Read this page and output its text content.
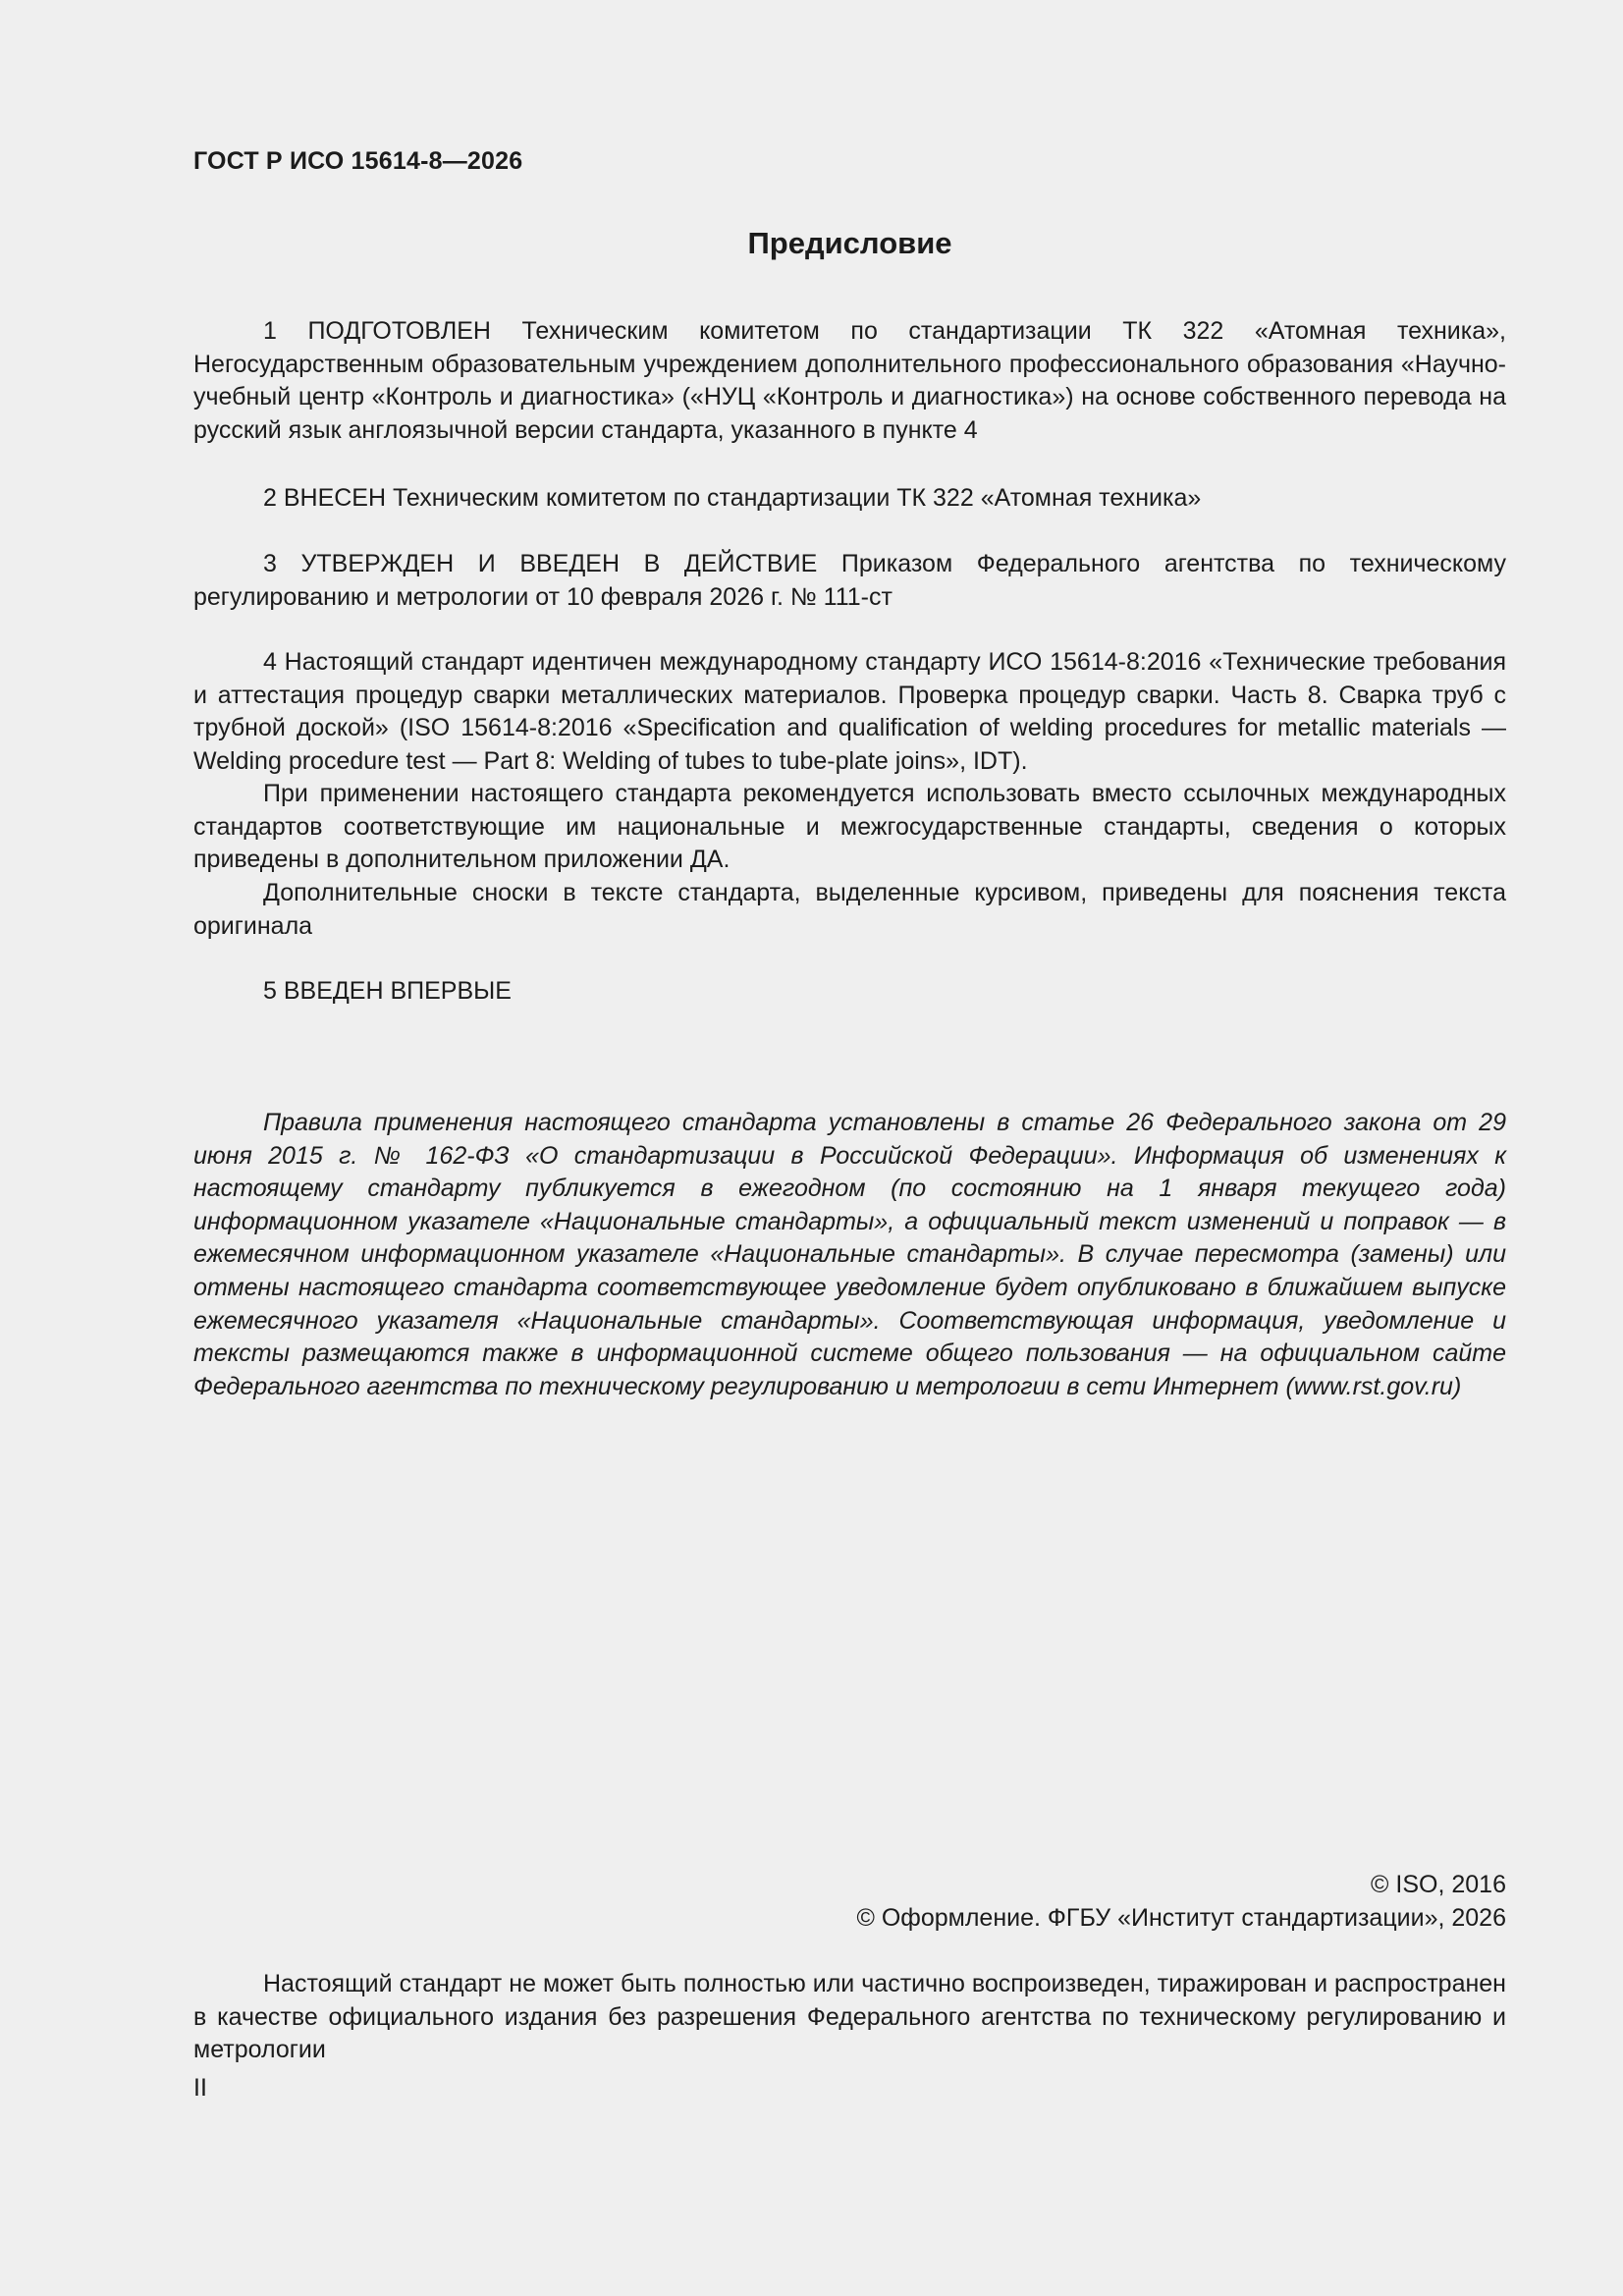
ГОСТ Р ИСО 15614-8—2026
Предисловие

1 ПОДГОТОВЛЕН Техническим комитетом по стандартизации ТК 322 «Атомная техника», Негосударственным образовательным учреждением дополнительного профессионального образования «Научно-учебный центр «Контроль и диагностика» («НУЦ «Контроль и диагностика») на основе собственного перевода на русский язык англоязычной версии стандарта, указанного в пункте 4

2 ВНЕСЕН Техническим комитетом по стандартизации ТК 322 «Атомная техника»

3 УТВЕРЖДЕН И ВВЕДЕН В ДЕЙСТВИЕ Приказом Федерального агентства по техническому регулированию и метрологии от 10 февраля 2026 г. № 111-ст

4 Настоящий стандарт идентичен международному стандарту ИСО 15614-8:2016 «Технические требования и аттестация процедур сварки металлических материалов. Проверка процедур сварки. Часть 8. Сварка труб с трубной доской» (ISO 15614-8:2016 «Specification and qualification of welding procedures for metallic materials — Welding procedure test — Part 8: Welding of tubes to tube-plate joins», IDT).

При применении настоящего стандарта рекомендуется использовать вместо ссылочных международных стандартов соответствующие им национальные и межгосударственные стандарты, сведения о которых приведены в дополнительном приложении ДА.

Дополнительные сноски в тексте стандарта, выделенные курсивом, приведены для пояснения текста оригинала

5 ВВЕДЕН ВПЕРВЫЕ

Правила применения настоящего стандарта установлены в статье 26 Федерального закона от 29 июня 2015 г. № 162-ФЗ «О стандартизации в Российской Федерации». Информация об изменениях к настоящему стандарту публикуется в ежегодном (по состоянию на 1 января текущего года) информационном указателе «Национальные стандарты», а официальный текст изменений и поправок — в ежемесячном информационном указателе «Национальные стандарты». В случае пересмотра (замены) или отмены настоящего стандарта соответствующее уведомление будет опубликовано в ближайшем выпуске ежемесячного указателя «Национальные стандарты». Соответствующая информация, уведомление и тексты размещаются также в информационной системе общего пользования — на официальном сайте Федерального агентства по техническому регулированию и метрологии в сети Интернет (www.rst.gov.ru)

© ISO, 2016
© Оформление. ФГБУ «Институт стандартизации», 2026

Настоящий стандарт не может быть полностью или частично воспроизведен, тиражирован и распространен в качестве официального издания без разрешения Федерального агентства по техническому регулированию и метрологии

II
